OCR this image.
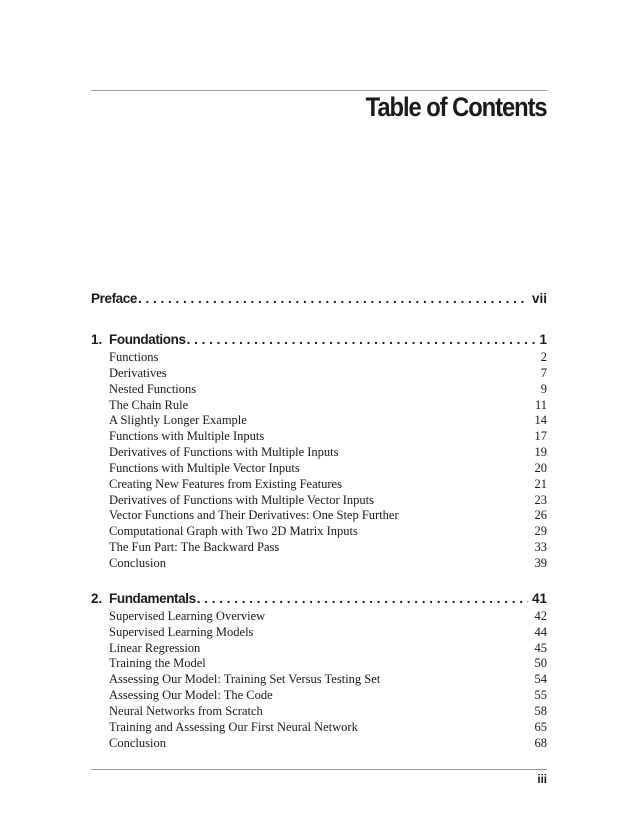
Table of Contents
Preface . . .	vii
1. Foundations . . .	1
Functions	2
Derivatives	7
Nested Functions	9
The Chain Rule	11
A Slightly Longer Example	14
Functions with Multiple Inputs	17
Derivatives of Functions with Multiple Inputs	19
Functions with Multiple Vector Inputs	20
Creating New Features from Existing Features	21
Derivatives of Functions with Multiple Vector Inputs	23
Vector Functions and Their Derivatives: One Step Further	26
Computational Graph with Two 2D Matrix Inputs	29
The Fun Part: The Backward Pass	33
Conclusion	39
2. Fundamentals . . .	41
Supervised Learning Overview	42
Supervised Learning Models	44
Linear Regression	45
Training the Model	50
Assessing Our Model: Training Set Versus Testing Set	54
Assessing Our Model: The Code	55
Neural Networks from Scratch	58
Training and Assessing Our First Neural Network	65
Conclusion	68
iii
